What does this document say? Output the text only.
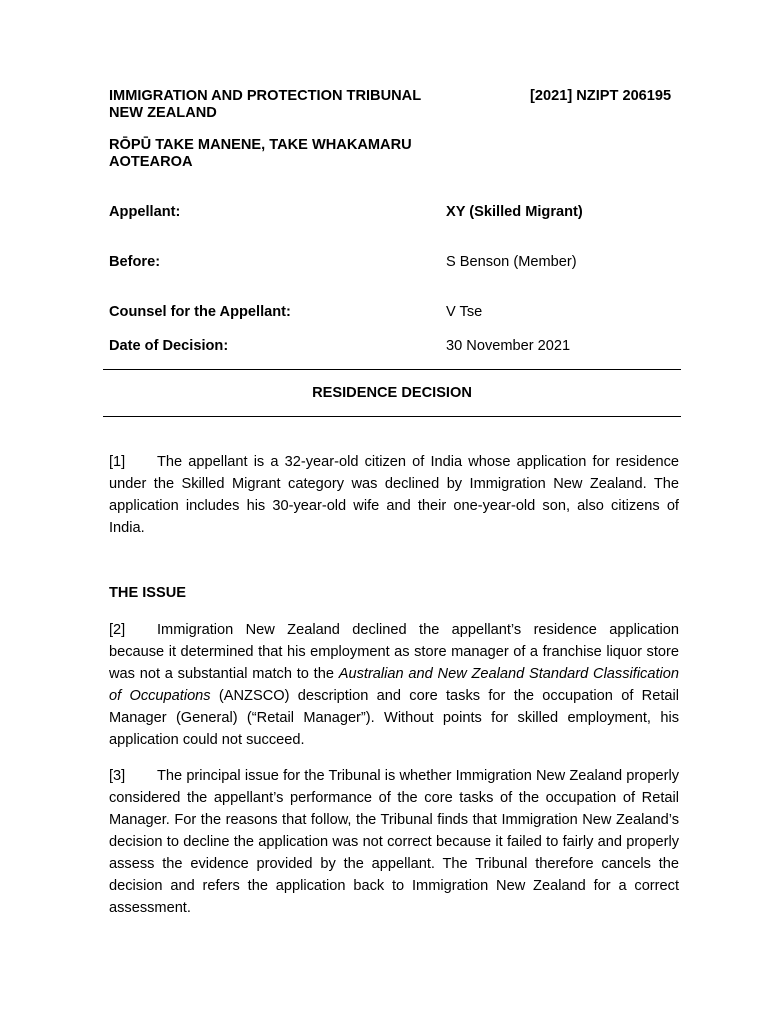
IMMIGRATION AND PROTECTION TRIBUNAL
NEW ZEALAND
[2021] NZIPT 206195
RŌPŪ TAKE MANENE, TAKE WHAKAMARU
AOTEAROA
Appellant:	XY (Skilled Migrant)
Before:	S Benson (Member)
Counsel for the Appellant:	V Tse
Date of Decision:	30 November 2021
RESIDENCE DECISION
[1] The appellant is a 32-year-old citizen of India whose application for residence under the Skilled Migrant category was declined by Immigration New Zealand. The application includes his 30-year-old wife and their one-year-old son, also citizens of India.
THE ISSUE
[2] Immigration New Zealand declined the appellant’s residence application because it determined that his employment as store manager of a franchise liquor store was not a substantial match to the Australian and New Zealand Standard Classification of Occupations (ANZSCO) description and core tasks for the occupation of Retail Manager (General) (“Retail Manager”). Without points for skilled employment, his application could not succeed.
[3] The principal issue for the Tribunal is whether Immigration New Zealand properly considered the appellant’s performance of the core tasks of the occupation of Retail Manager. For the reasons that follow, the Tribunal finds that Immigration New Zealand’s decision to decline the application was not correct because it failed to fairly and properly assess the evidence provided by the appellant. The Tribunal therefore cancels the decision and refers the application back to Immigration New Zealand for a correct assessment.
